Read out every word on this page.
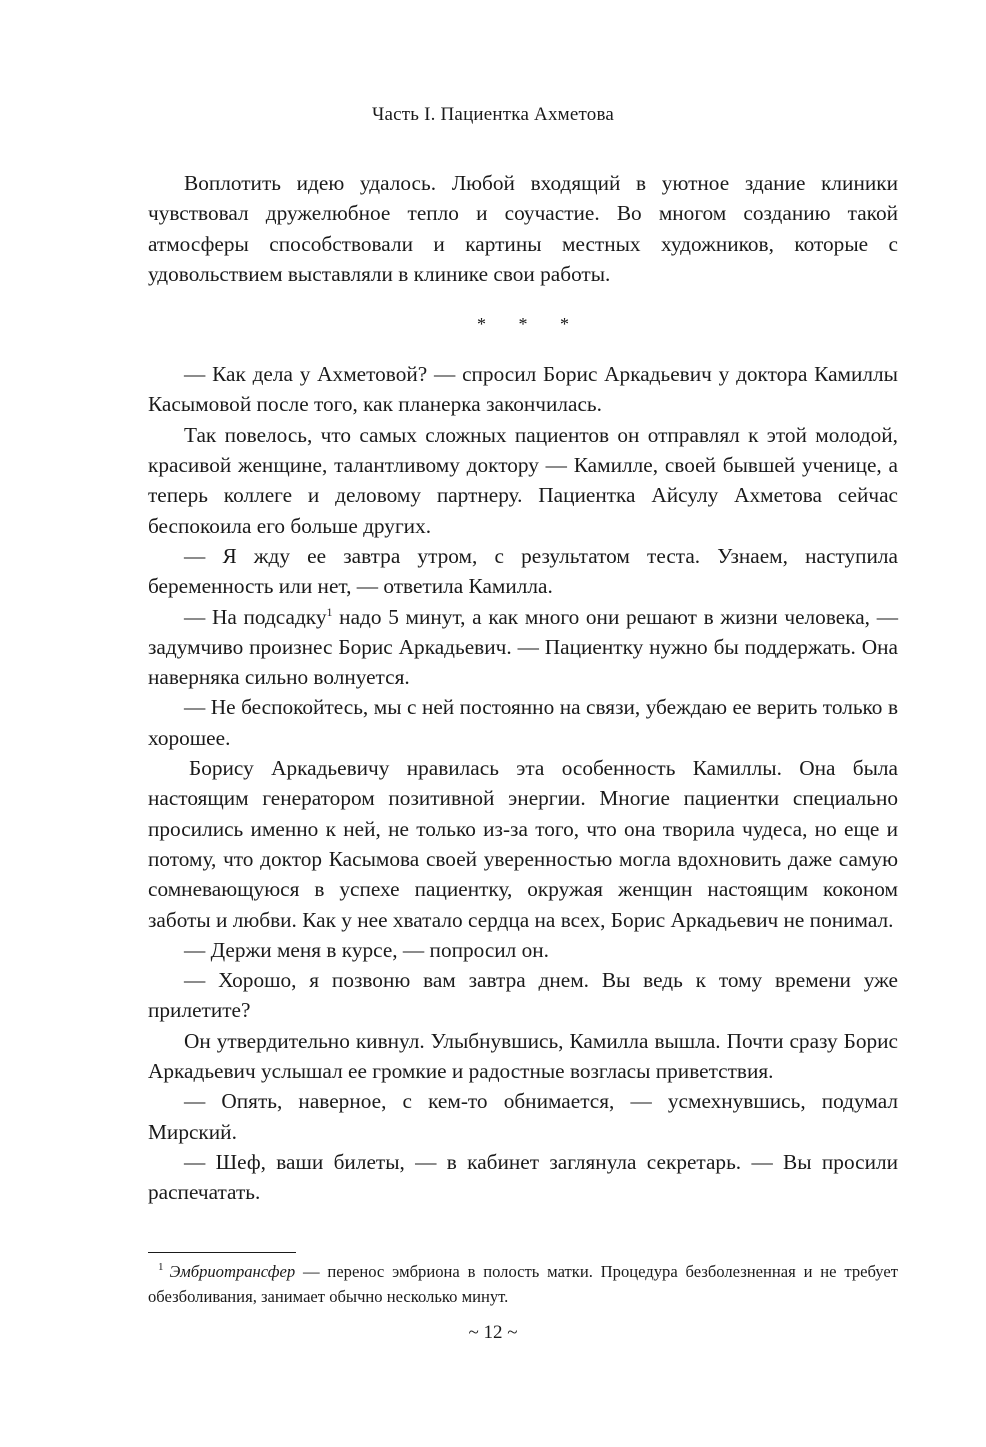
Часть I. Пациентка Ахметова

Воплотить идею удалось. Любой входящий в уютное здание клиники чувствовал дружелюбное тепло и соучастие. Во многом созданию такой атмосферы способствовали и картины местных художников, которые с удовольствием выставляли в клинике свои работы.

* * *

— Как дела у Ахметовой? — спросил Борис Аркадьевич у доктора Камиллы Касымовой после того, как планерка закончилась.

Так повелось, что самых сложных пациентов он отправлял к этой молодой, красивой женщине, талантливому доктору — Камилле, своей бывшей ученице, а теперь коллеге и деловому партнеру. Пациентка Айсулу Ахметова сейчас беспокоила его больше других.

— Я жду ее завтра утром, с результатом теста. Узнаем, наступила беременность или нет, — ответила Камилла.

— На подсадку$^1$ надо 5 минут, а как много они решают в жизни человека, — задумчиво произнес Борис Аркадьевич. — Пациентку нужно бы поддержать. Она наверняка сильно волнуется.

— Не беспокойтесь, мы с ней постоянно на связи, убеждаю ее верить только в хорошее.

Борису Аркадьевичу нравилась эта особенность Камиллы. Она была настоящим генератором позитивной энергии. Многие пациентки специально просились именно к ней, не только из-за того, что она творила чудеса, но еще и потому, что доктор Касымова своей уверенностью могла вдохновить даже самую сомневающуюся в успехе пациентку, окружая женщин настоящим коконом заботы и любви. Как у нее хватало сердца на всех, Борис Аркадьевич не понимал.

— Держи меня в курсе, — попросил он.

— Хорошо, я позвоню вам завтра днем. Вы ведь к тому времени уже прилетите?

Он утвердительно кивнул. Улыбнувшись, Камилла вышла. Почти сразу Борис Аркадьевич услышал ее громкие и радостные возгласы приветствия.

— Опять, наверное, с кем-то обнимается, — усмехнувшись, подумал Мирский.

— Шеф, ваши билеты, — в кабинет заглянула секретарь. — Вы просили распечатать.

$^1$ Эмбриотрансфер — перенос эмбриона в полость матки. Процедура безболезненная и не требует обезболивания, занимает обычно несколько минут.

~ 12 ~
